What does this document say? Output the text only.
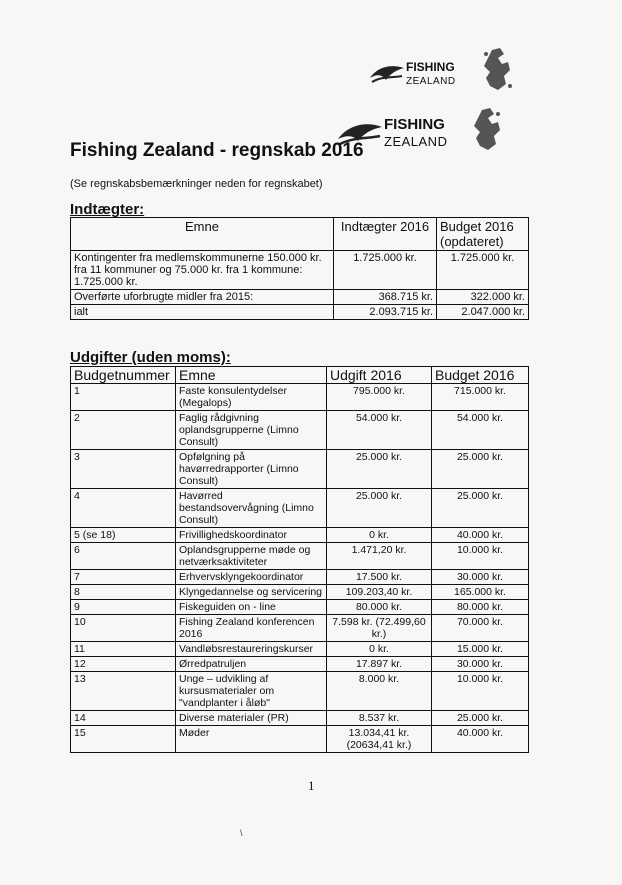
FISHING
ZEALAND
FISHING
ZEALAND
Fishing Zealand - regnskab 2016
(Se regnskabsbemærkninger neden for regnskabet)
Indtægter:
Emne	Indtægter 2016	Budget 2016 (opdateret)
Kontingenter fra medlemskommunerne 150.000 kr. fra 11 kommuner og 75.000 kr. fra 1 kommune: 1.725.000 kr.	1.725.000 kr.	1.725.000 kr.
Overførte uforbrugte midler fra 2015:	368.715 kr.	322.000 kr.
ialt	2.093.715 kr.	2.047.000 kr.
Udgifter (uden moms):
Budgetnummer	Emne	Udgift 2016	Budget 2016
1	Faste konsulentydelser (Megalops)	795.000 kr.	715.000 kr.
2	Faglig rådgivning oplandsgrupperne (Limno Consult)	54.000 kr.	54.000 kr.
3	Opfølgning på havørredrapporter (Limno Consult)	25.000 kr.	25.000 kr.
4	Havørred bestandsovervågning (Limno Consult)	25.000 kr.	25.000 kr.
5 (se 18)	Frivillighedskoordinator	0 kr.	40.000 kr.
6	Oplandsgrupperne møde og netværksaktiviteter	1.471,20 kr.	10.000 kr.
7	Erhvervsklyngekoordinator	17.500 kr.	30.000 kr.
8	Klyngedannelse og servicering	109.203,40 kr.	165.000 kr.
9	Fiskeguiden on - line	80.000 kr.	80.000 kr.
10	Fishing Zealand konferencen 2016	7.598 kr. (72.499,60 kr.)	70.000 kr.
11	Vandløbsrestaureringskurser	0 kr.	15.000 kr.
12	Ørredpatruljen	17.897 kr.	30.000 kr.
13	Unge – udvikling af kursusmaterialer om "vandplanter i åløb"	8.000 kr.	10.000 kr.
14	Diverse materialer (PR)	8.537 kr.	25.000 kr.
15	Møder	13.034,41 kr. (20634,41 kr.)	40.000 kr.
1
\
